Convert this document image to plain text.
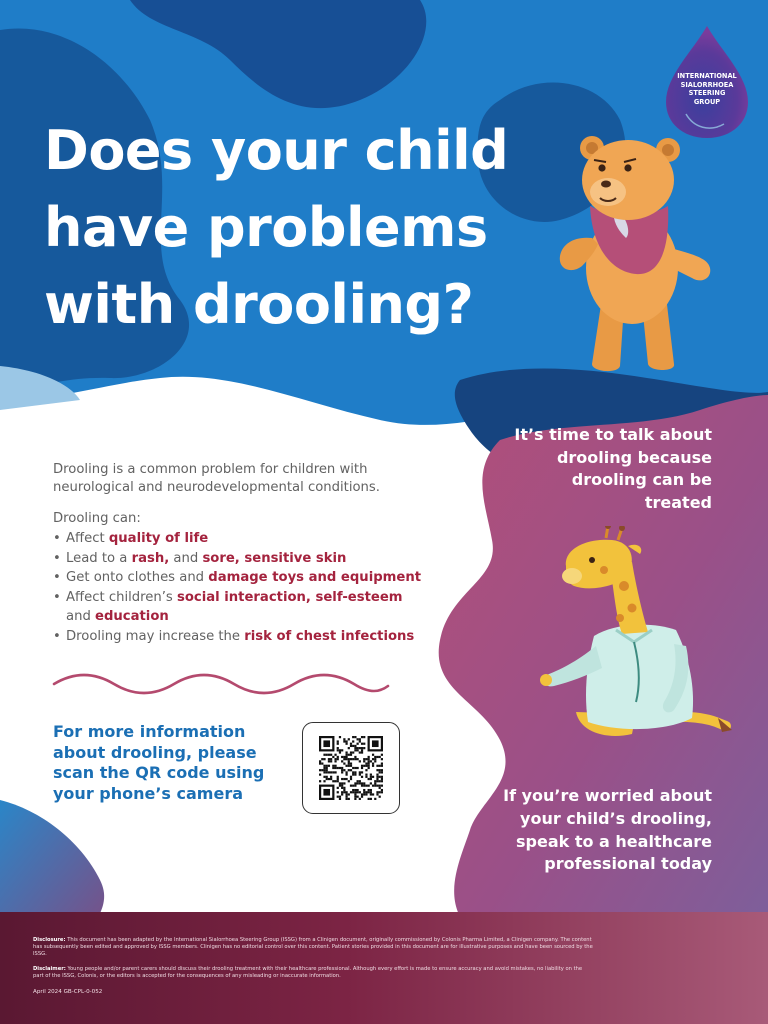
INTERNATIONAL
SIALORRHOEA
STEERING
GROUP
Does your child have problems with drooling?

Drooling is a common problem for children with neurological and neurodevelopmental conditions.

Drooling can:

• Affect quality of life
• Lead to a rash, and sore, sensitive skin
• Get onto clothes and damage toys and equipment
• Affect children’s social interaction, self-esteem
and education
• Drooling may increase the risk of chest infections

For more information about drooling, please scan the QR code using your phone’s camera

It’s time to talk about drooling because drooling can be treated

If you’re worried about your child’s drooling, speak to a healthcare professional today

Disclosure: This document has been adapted by the International Sialorrhoea Steering Group (ISSG) from a Clinigen document, originally commissioned by Colonis Pharma Limited, a Clinigen company. The content has subsequently been edited and approved by ISSG members. Clinigen has no editorial control over this content. Patient stories provided in this document are for illustrative purposes and have been sourced by the ISSG.

Disclaimer: Young people and/or parent carers should discuss their drooling treatment with their healthcare professional. Although every effort is made to ensure accuracy and avoid mistakes, no liability on the part of the ISSG, Colonis, or the editors is accepted for the consequences of any misleading or inaccurate information.

April 2024 GB-CPL-0-052
